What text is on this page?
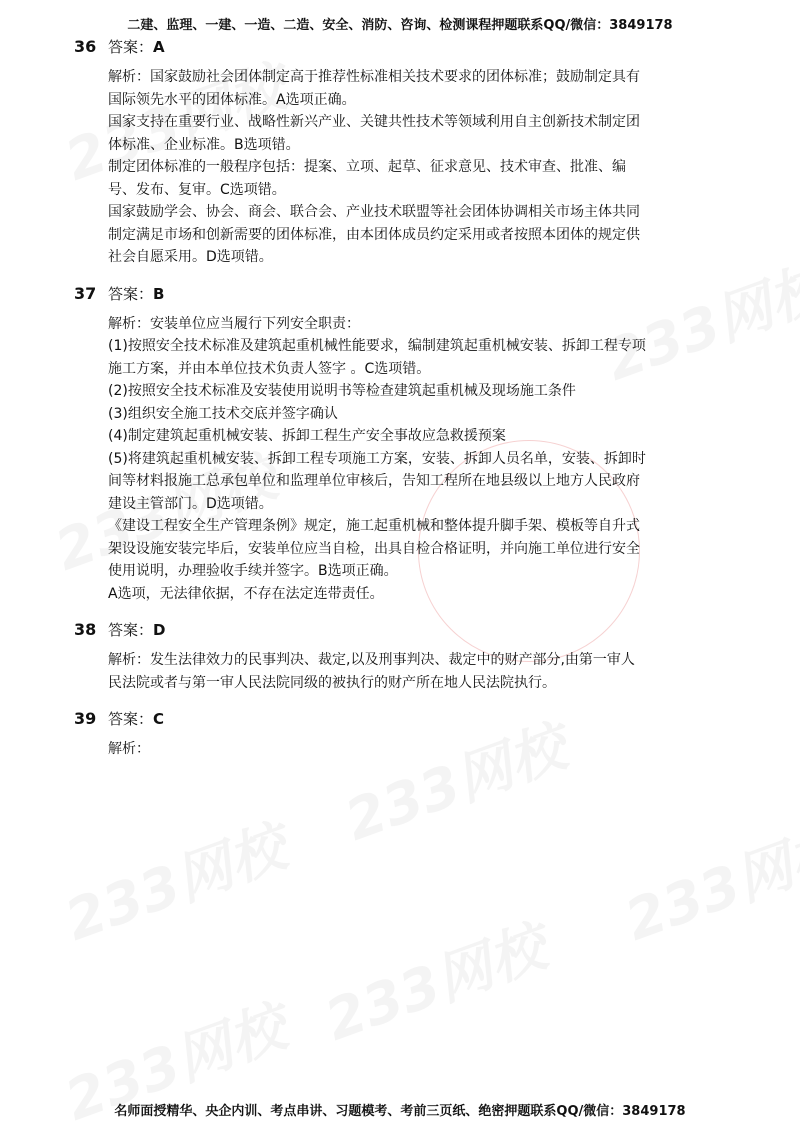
二建、监理、一建、一造、二造、安全、消防、咨询、检测课程押题联系QQ/微信：3849178
36 答案：A

解析：国家鼓励社会团体制定高于推荐性标准相关技术要求的团体标准；鼓励制定具有

国际领先水平的团体标准。A选项正确。

国家支持在重要行业、战略性新兴产业、关键共性技术等领域利用自主创新技术制定团

体标准、企业标准。B选项错。

制定团体标准的一般程序包括：提案、立项、起草、征求意见、技术审查、批准、编

号、发布、复审。C选项错。

国家鼓励学会、协会、商会、联合会、产业技术联盟等社会团体协调相关市场主体共同

制定满足市场和创新需要的团体标准，由本团体成员约定采用或者按照本团体的规定供

社会自愿采用。D选项错。

37 答案：B

解析：安装单位应当履行下列安全职责：

(1)按照安全技术标准及建筑起重机械性能要求，编制建筑起重机械安装、拆卸工程专项

施工方案，并由本单位技术负责人签字 。C选项错。

(2)按照安全技术标准及安装使用说明书等检查建筑起重机械及现场施工条件

(3)组织安全施工技术交底并签字确认

(4)制定建筑起重机械安装、拆卸工程生产安全事故应急救援预案

(5)将建筑起重机械安装、拆卸工程专项施工方案，安装、拆卸人员名单，安装、拆卸时

间等材料报施工总承包单位和监理单位审核后，告知工程所在地县级以上地方人民政府

建设主管部门。D选项错。

《建设工程安全生产管理条例》规定，施工起重机械和整体提升脚手架、模板等自升式

架设设施安装完毕后，安装单位应当自检，出具自检合格证明，并向施工单位进行安全

使用说明，办理验收手续并签字。B选项正确。

A选项，无法律依据，不存在法定连带责任。

38 答案：D

解析：发生法律效力的民事判决、裁定,以及刑事判决、裁定中的财产部分,由第一审人

民法院或者与第一审人民法院同级的被执行的财产所在地人民法院执行。

39 答案：C

解析：

名师面授精华、央企内训、考点串讲、习题模考、考前三页纸、绝密押题联系QQ/微信：3849178
